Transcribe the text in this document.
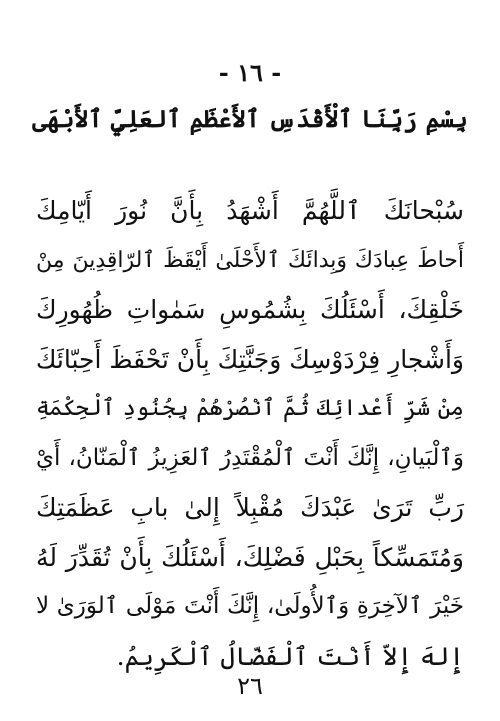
- ١٦ -
بِسْمِ رَبِّنَا ٱلْأَقْدَسِ ٱلأَعْظَمِ ٱلعَلِيِّ ٱلأَبْهَى
سُبْحانَكَ ٱللَّهُمَّ أَشْهَدُ بِأَنَّ نُورَ أَيّامِكَ
أَحاطَ عِبادَكَ وَبِدائَكَ ٱلأَحْلَىٰ أَيْقَظَ ٱلرّاقِدِينَ مِنْ
خَلْقِكَ، أَسْئَلُكَ بِشُمُوسِ سَمٰواتِ ظُهُورِكَ
وَأَشْجارِ فِرْدَوْسِكَ وَجَنَّتِكَ بِأَنْ تَحْفَظَ أَحِبّائَكَ
مِنْ شَرِّ أَعْدائِكَ ثُمَّ ٱنْصُرْهُمْ بِجُنُودِ ٱلْحِكْمَةِ
وَٱلْبَيانِ، إِنَّكَ أَنْتَ ٱلْمُقْتَدِرُ ٱلعَزِيزُ ٱلْمَنّانُ، أَيْ
رَبِّ تَرَىٰ عَبْدَكَ مُقْبِلاً إِلىٰ بابِ عَظَمَتِكَ
وَمُتَمَسِّكاً بِحَبْلِ فَضْلِكَ، أَسْئَلُكَ بِأَنْ تُقَدِّرَ لَهُ
خَيْرَ ٱلآخِرَةِ وَٱلأُولَىٰ، إِنَّكَ أَنْتَ مَوْلَى ٱلوَرَىٰ لا
إِلهَ إِلاّ أَنْتَ ٱلْفَضّالُ ٱلْكَرِيمُ.
٢٦
